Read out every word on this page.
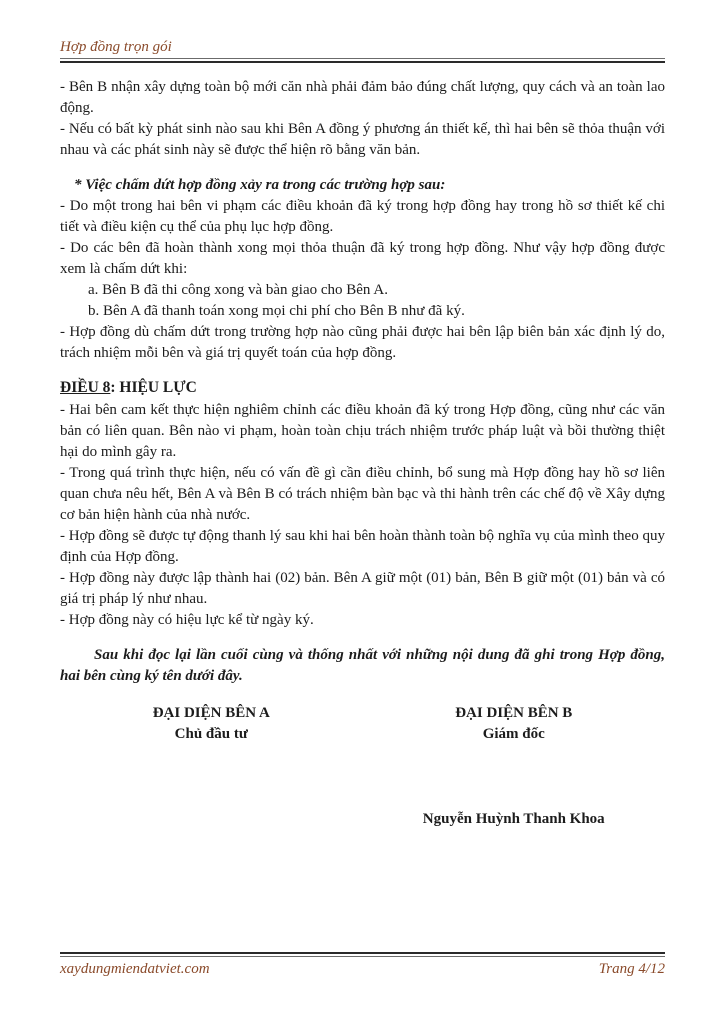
Hợp đồng trọn gói

- Bên B nhận xây dựng toàn bộ mới căn nhà phải đảm bảo đúng chất lượng, quy cách và an toàn lao động.

- Nếu có bất kỳ phát sinh nào sau khi Bên A đồng ý phương án thiết kế, thì hai bên sẽ thỏa thuận với nhau và các phát sinh này sẽ được thể hiện rõ bằng văn bản.

* Việc chấm dứt hợp đồng xảy ra trong các trường hợp sau:

- Do một trong hai bên vi phạm các điều khoản đã ký trong hợp đồng hay trong hồ sơ thiết kế chi tiết và điều kiện cụ thể của phụ lục hợp đồng.

- Do các bên đã hoàn thành xong mọi thỏa thuận đã ký trong hợp đồng. Như vậy hợp đồng được xem là chấm dứt khi:

a. Bên B đã thi công xong và bàn giao cho Bên A.

b. Bên A đã thanh toán xong mọi chi phí cho Bên B như đã ký.

- Hợp đồng dù chấm dứt trong trường hợp nào cũng phải được hai bên lập biên bản xác định lý do, trách nhiệm mỗi bên và giá trị quyết toán của hợp đồng.

ĐIỀU 8: HIỆU LỰC

- Hai bên cam kết thực hiện nghiêm chỉnh các điều khoản đã ký trong Hợp đồng, cũng như các văn bản có liên quan. Bên nào vi phạm, hoàn toàn chịu trách nhiệm trước pháp luật và bồi thường thiệt hại do mình gây ra.

- Trong quá trình thực hiện, nếu có vấn đề gì cần điều chỉnh, bổ sung mà Hợp đồng hay hồ sơ liên quan chưa nêu hết, Bên A và Bên B có trách nhiệm bàn bạc và thi hành trên các chế độ về Xây dựng cơ bản hiện hành của nhà nước.

- Hợp đồng sẽ được tự động thanh lý sau khi hai bên hoàn thành toàn bộ nghĩa vụ của mình theo quy định của Hợp đồng.

- Hợp đồng này được lập thành hai (02) bản. Bên A giữ một (01) bản, Bên B giữ một (01) bản và có giá trị pháp lý như nhau.

- Hợp đồng này có hiệu lực kể từ ngày ký.

Sau khi đọc lại lần cuối cùng và thống nhất với những nội dung đã ghi trong Hợp đồng, hai bên cùng ký tên dưới đây.

ĐẠI DIỆN BÊN A
Chủ đầu tư
ĐẠI DIỆN BÊN B
Giám đốc
Nguyễn Huỳnh Thanh Khoa
xaydungmiendatviet.com	Trang 4/12
